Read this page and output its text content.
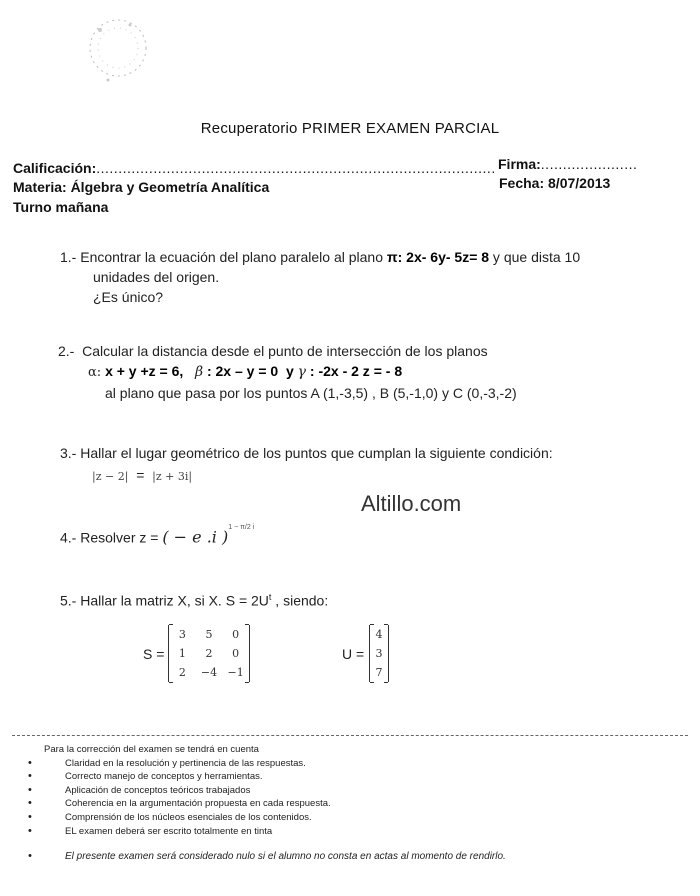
Recuperatorio PRIMER EXAMEN PARCIAL
Calificación:........................................................................................... Firma:......................
Materia: Álgebra y Geometría Analítica	Fecha: 8/07/2013
Turno mañana
1.- Encontrar la ecuación del plano paralelo al plano π: 2x- 6y- 5z= 8 y que dista 10
unidades del origen.
¿Es único?
2.- Calcular la distancia desde el punto de intersección de los planos
α: x + y +z = 6, β : 2x – y = 0 y γ : -2x - 2 z = - 8
al plano que pasa por los puntos A (1,-3,5) , B (5,-1,0) y C (0,-3,-2)
3.- Hallar el lugar geométrico de los puntos que cumplan la siguiente condición:
|z − 2| = |z + 3i|
Altillo.com
4.- Resolver z = ( − e .i )$^{1 - \pi/2 i}$
5.- Hallar la matriz X, si X. $S = 2U^t$ , siendo:
S =
3	5	0
1	2	0
2	−4 −1
U =
4
3
7
Para la corrección del examen se tendrá en cuenta
• Claridad en la resolución y pertinencia de las respuestas.
• Correcto manejo de conceptos y herramientas.
• Aplicación de conceptos teóricos trabajados
• Coherencia en la argumentación propuesta en cada respuesta.
• Comprensión de los núcleos esenciales de los contenidos.
• EL examen deberá ser escrito totalmente en tinta
• El presente examen será considerado nulo si el alumno no consta en actas al momento de rendirlo.
